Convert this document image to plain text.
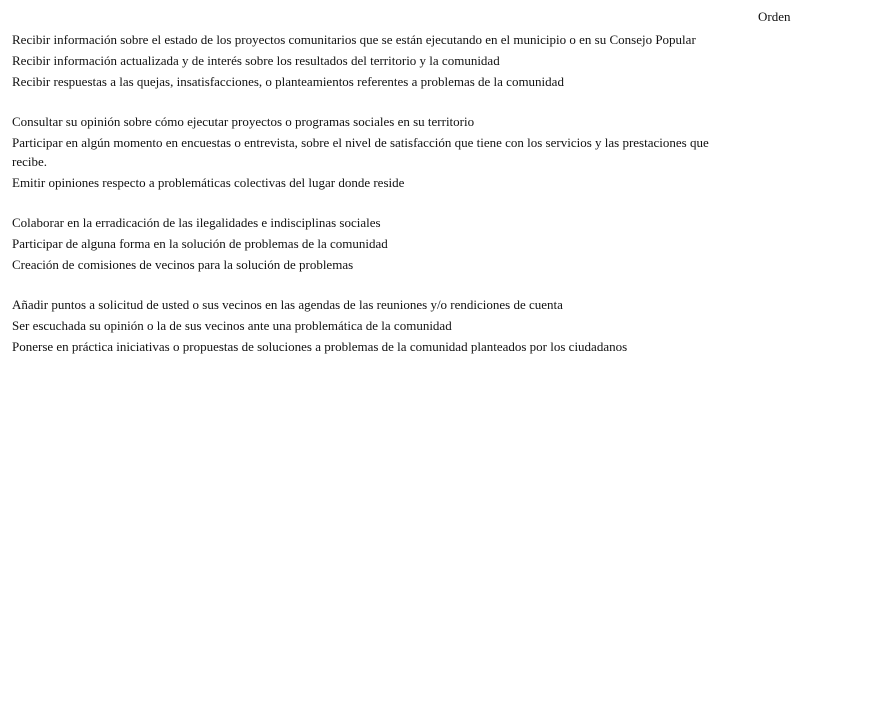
Orden
Recibir información sobre el estado de los proyectos comunitarios que se están ejecutando en el municipio o en su Consejo Popular
Recibir información actualizada y de interés sobre los resultados del territorio y la comunidad
Recibir respuestas a las quejas, insatisfacciones, o planteamientos referentes a problemas de la comunidad
Consultar su opinión sobre cómo ejecutar proyectos o programas sociales en su territorio
Participar en algún momento en encuestas o entrevista, sobre el nivel de satisfacción que tiene con los servicios y las prestaciones que recibe.
Emitir opiniones respecto a problemáticas colectivas del lugar donde reside
Colaborar en la erradicación de las ilegalidades e indisciplinas sociales
Participar de alguna forma en la solución de problemas de la comunidad
Creación de comisiones de vecinos para la solución de problemas
Añadir puntos a solicitud de usted o sus vecinos en las agendas de las reuniones y/o rendiciones de cuenta
Ser escuchada su opinión o la de sus vecinos ante una problemática de la comunidad
Ponerse en práctica iniciativas o propuestas de soluciones a problemas de la comunidad planteados por los ciudadanos
